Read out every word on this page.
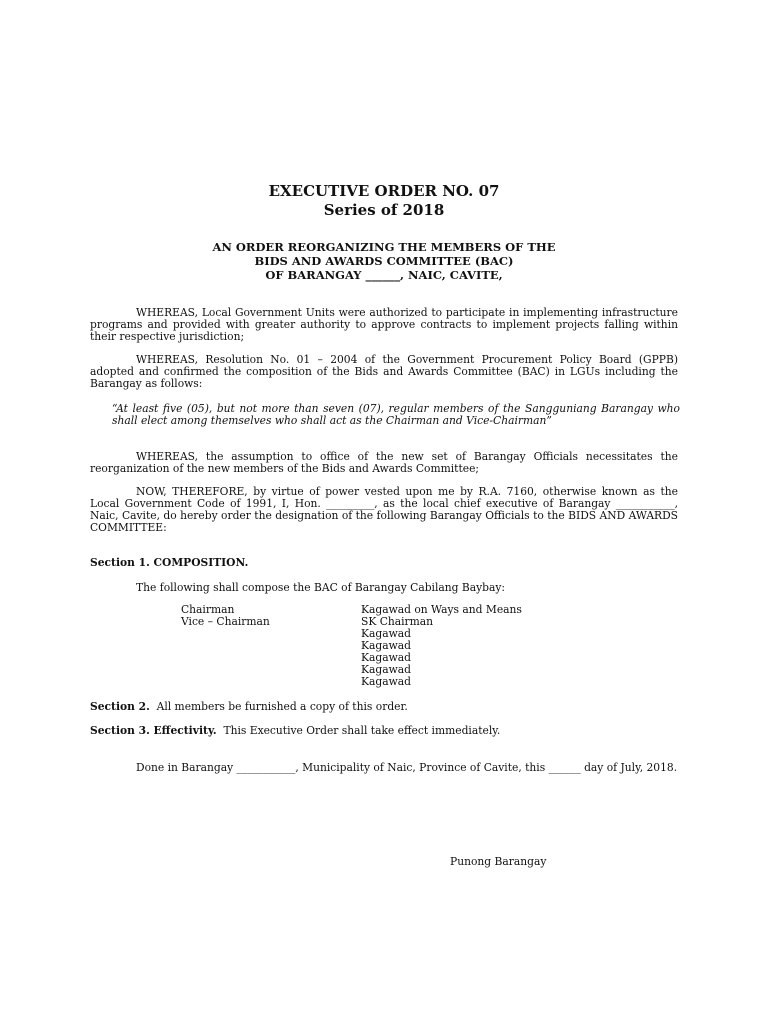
EXECUTIVE ORDER NO. 07
Series of 2018
AN ORDER REORGANIZING THE MEMBERS OF THE
BIDS AND AWARDS COMMITTEE (BAC)
OF BARANGAY ______, NAIC, CAVITE,

WHEREAS, Local Government Units were authorized to participate in implementing infrastructure programs and provided with greater authority to approve contracts to implement projects falling within their respective jurisdiction;

WHEREAS, Resolution No. 01 – 2004 of the Government Procurement Policy Board (GPPB) adopted and confirmed the composition of the Bids and Awards Committee (BAC) in LGUs including the Barangay as follows:

“At least five (05), but not more than seven (07), regular members of the Sangguniang Barangay who shall elect among themselves who shall act as the Chairman and Vice-Chairman”

WHEREAS, the assumption to office of the new set of Barangay Officials necessitates the reorganization of the new members of the Bids and Awards Committee;

NOW, THEREFORE, by virtue of power vested upon me by R.A. 7160, otherwise known as the Local Government Code of 1991, I, Hon. _________, as the local chief executive of Barangay ___________, Naic, Cavite, do hereby order the designation of the following Barangay Officials to the BIDS AND AWARDS COMMITTEE:

Section 1. COMPOSITION.
The following shall compose the BAC of Barangay Cabilang Baybay:
Chairman	Kagawad on Ways and Means
Vice – Chairman	SK Chairman
Kagawad
Kagawad
Kagawad
Kagawad
Kagawad
Section 2. All members be furnished a copy of this order.
Section 3. Effectivity. This Executive Order shall take effect immediately.

Done in Barangay ___________, Municipality of Naic, Province of Cavite, this ______ day of July, 2018.

Punong Barangay
